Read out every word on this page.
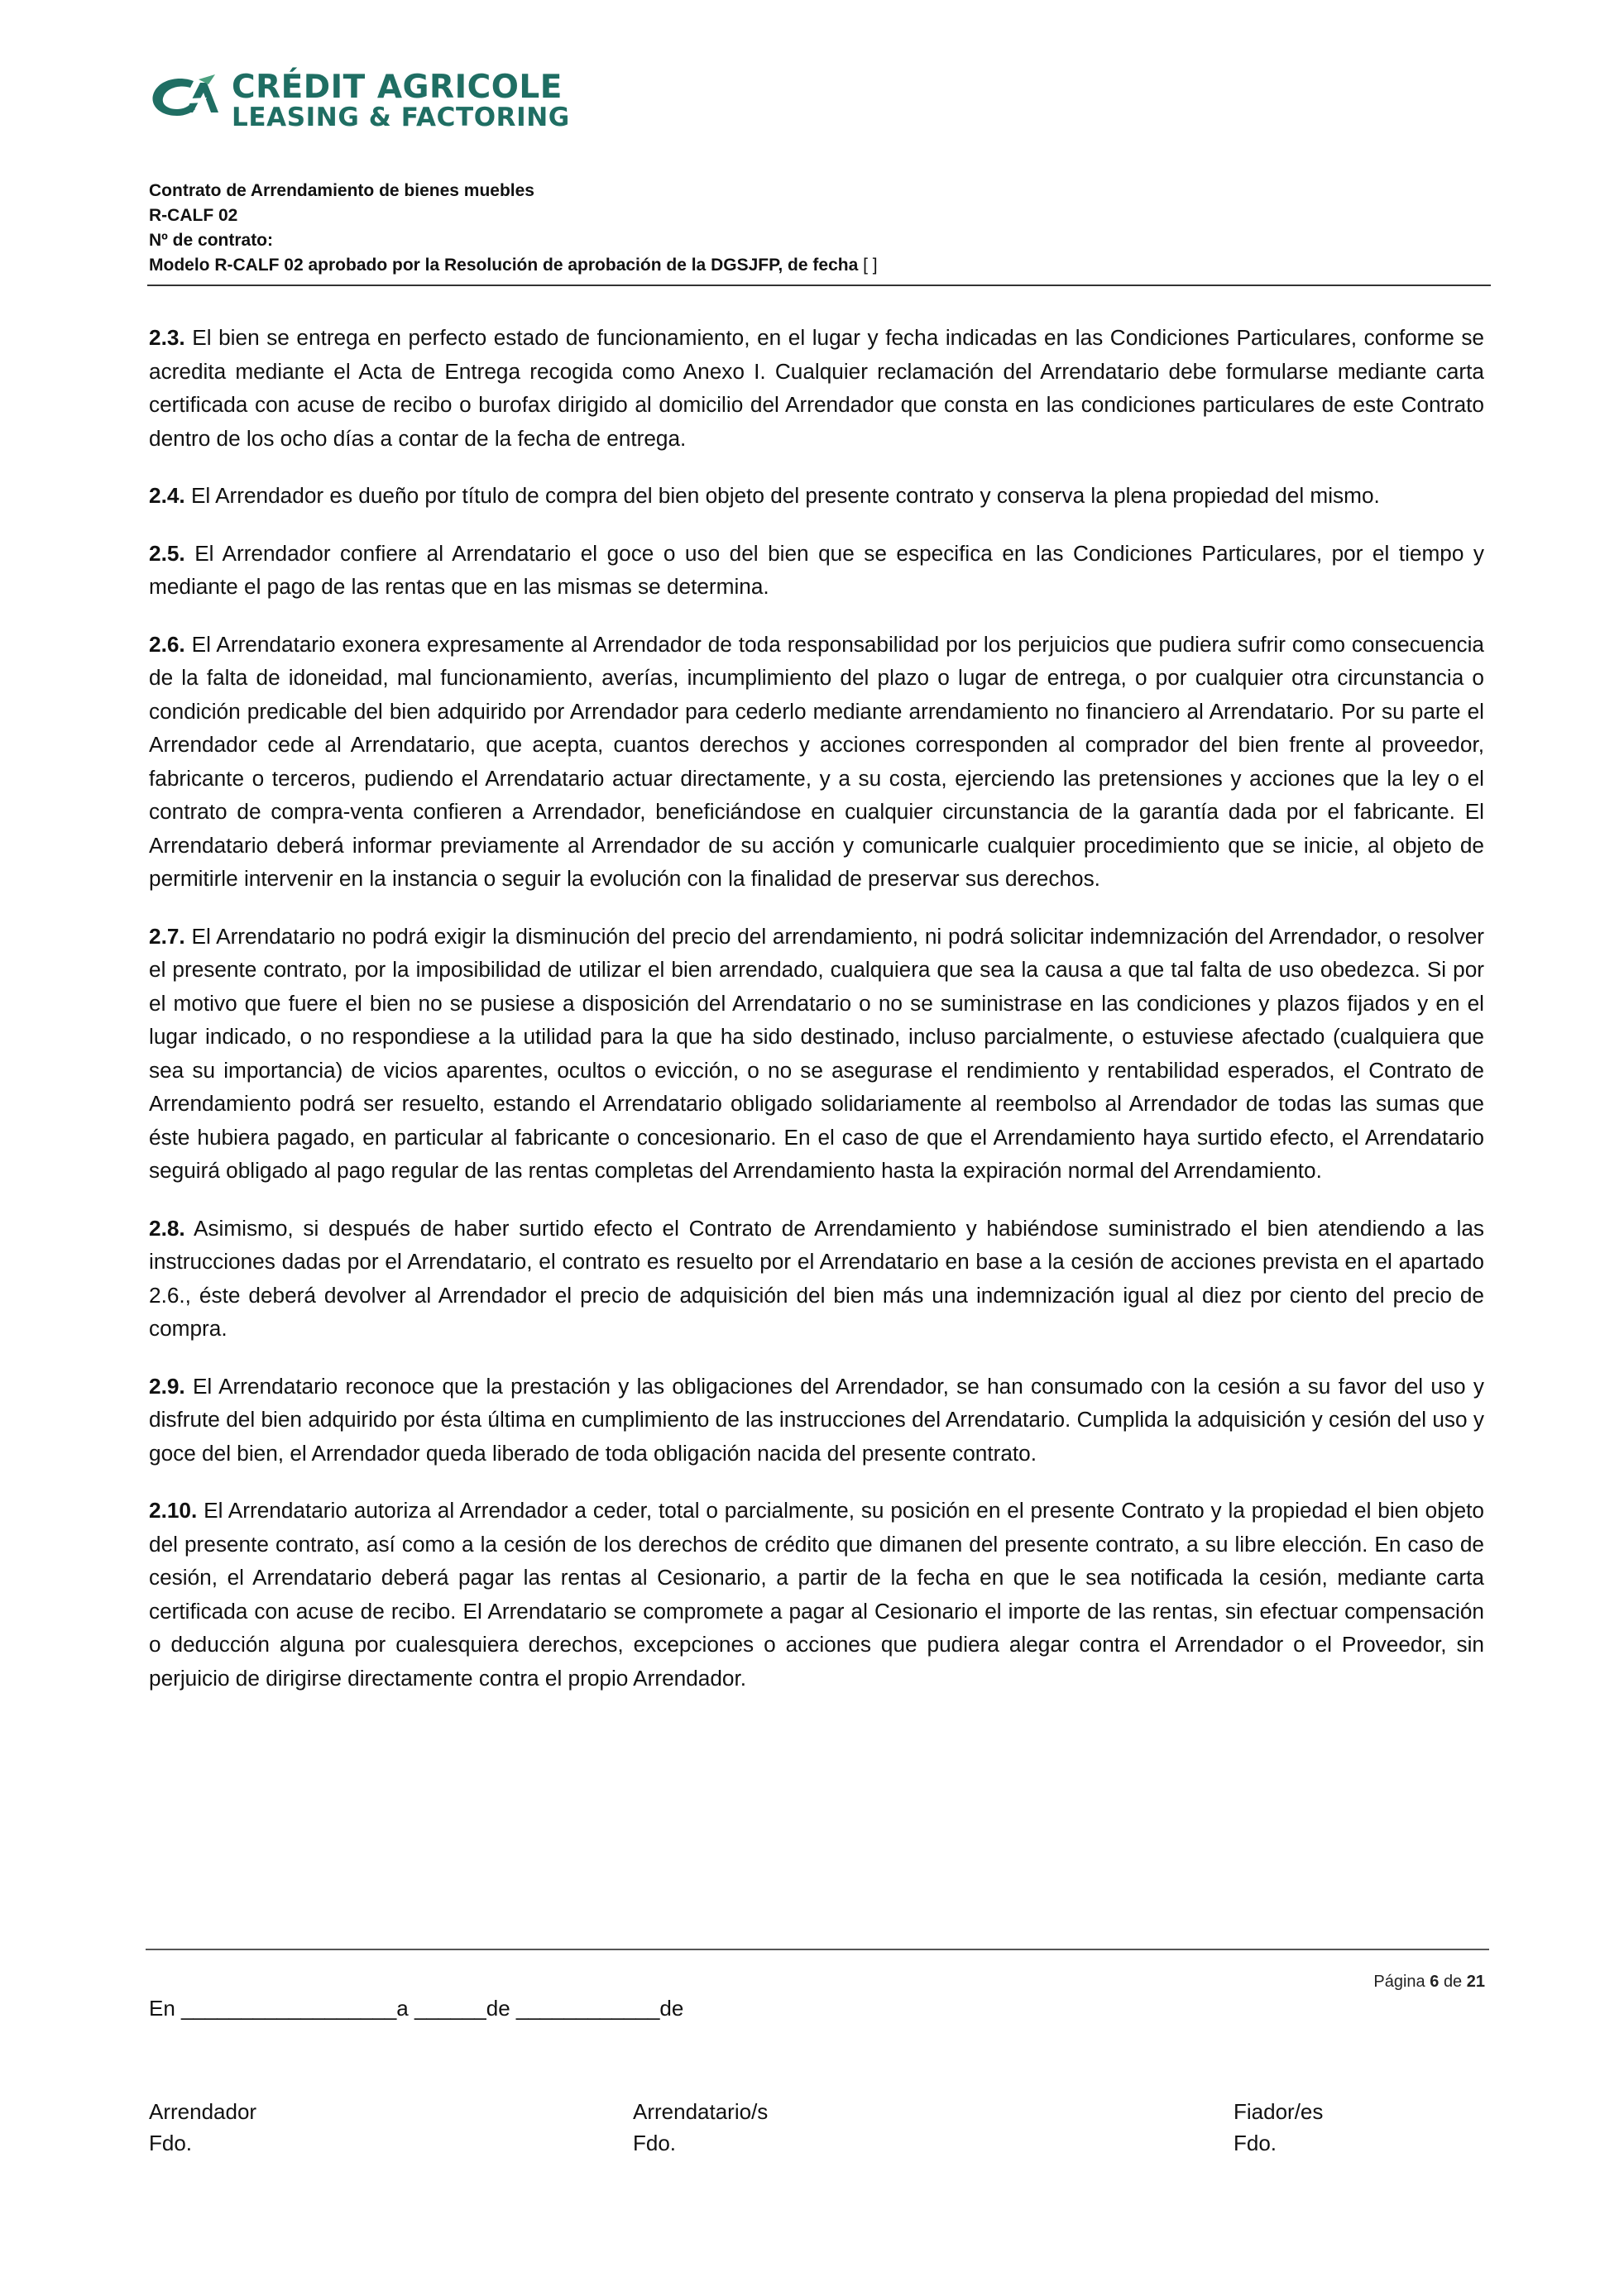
CRÉDIT AGRICOLE
LEASING & FACTORING
Contrato de Arrendamiento de bienes muebles
R-CALF 02
Nº de contrato:
Modelo R-CALF 02 aprobado por la Resolución de aprobación de la DGSJFP, de fecha [ ]

2.3. El bien se entrega en perfecto estado de funcionamiento, en el lugar y fecha indicadas en las Condiciones Particulares, conforme se acredita mediante el Acta de Entrega recogida como Anexo I. Cualquier reclamación del Arrendatario debe formularse mediante carta certificada con acuse de recibo o burofax dirigido al domicilio del Arrendador que consta en las condiciones particulares de este Contrato dentro de los ocho días a contar de la fecha de entrega.

2.4. El Arrendador es dueño por título de compra del bien objeto del presente contrato y conserva la plena propiedad del mismo.

2.5. El Arrendador confiere al Arrendatario el goce o uso del bien que se especifica en las Condiciones Particulares, por el tiempo y mediante el pago de las rentas que en las mismas se determina.

2.6. El Arrendatario exonera expresamente al Arrendador de toda responsabilidad por los perjuicios que pudiera sufrir como consecuencia de la falta de idoneidad, mal funcionamiento, averías, incumplimiento del plazo o lugar de entrega, o por cualquier otra circunstancia o condición predicable del bien adquirido por Arrendador para cederlo mediante arrendamiento no financiero al Arrendatario. Por su parte el Arrendador cede al Arrendatario, que acepta, cuantos derechos y acciones corresponden al comprador del bien frente al proveedor, fabricante o terceros, pudiendo el Arrendatario actuar directamente, y a su costa, ejerciendo las pretensiones y acciones que la ley o el contrato de compra-venta confieren a Arrendador, beneficiándose en cualquier circunstancia de la garantía dada por el fabricante. El Arrendatario deberá informar previamente al Arrendador de su acción y comunicarle cualquier procedimiento que se inicie, al objeto de permitirle intervenir en la instancia o seguir la evolución con la finalidad de preservar sus derechos.

2.7. El Arrendatario no podrá exigir la disminución del precio del arrendamiento, ni podrá solicitar indemnización del Arrendador, o resolver el presente contrato, por la imposibilidad de utilizar el bien arrendado, cualquiera que sea la causa a que tal falta de uso obedezca. Si por el motivo que fuere el bien no se pusiese a disposición del Arrendatario o no se suministrase en las condiciones y plazos fijados y en el lugar indicado, o no respondiese a la utilidad para la que ha sido destinado, incluso parcialmente, o estuviese afectado (cualquiera que sea su importancia) de vicios aparentes, ocultos o evicción, o no se asegurase el rendimiento y rentabilidad esperados, el Contrato de Arrendamiento podrá ser resuelto, estando el Arrendatario obligado solidariamente al reembolso al Arrendador de todas las sumas que éste hubiera pagado, en particular al fabricante o concesionario. En el caso de que el Arrendamiento haya surtido efecto, el Arrendatario seguirá obligado al pago regular de las rentas completas del Arrendamiento hasta la expiración normal del Arrendamiento.

2.8. Asimismo, si después de haber surtido efecto el Contrato de Arrendamiento y habiéndose suministrado el bien atendiendo a las instrucciones dadas por el Arrendatario, el contrato es resuelto por el Arrendatario en base a la cesión de acciones prevista en el apartado 2.6., éste deberá devolver al Arrendador el precio de adquisición del bien más una indemnización igual al diez por ciento del precio de compra.

2.9. El Arrendatario reconoce que la prestación y las obligaciones del Arrendador, se han consumado con la cesión a su favor del uso y disfrute del bien adquirido por ésta última en cumplimiento de las instrucciones del Arrendatario. Cumplida la adquisición y cesión del uso y goce del bien, el Arrendador queda liberado de toda obligación nacida del presente contrato.

2.10. El Arrendatario autoriza al Arrendador a ceder, total o parcialmente, su posición en el presente Contrato y la propiedad el bien objeto del presente contrato, así como a la cesión de los derechos de crédito que dimanen del presente contrato, a su libre elección. En caso de cesión, el Arrendatario deberá pagar las rentas al Cesionario, a partir de la fecha en que le sea notificada la cesión, mediante carta certificada con acuse de recibo. El Arrendatario se compromete a pagar al Cesionario el importe de las rentas, sin efectuar compensación o deducción alguna por cualesquiera derechos, excepciones o acciones que pudiera alegar contra el Arrendador o el Proveedor, sin perjuicio de dirigirse directamente contra el propio Arrendador.

Página 6 de 21
En __________________a ______de ____________de
Arrendador
Fdo.
Arrendatario/s
Fdo.
Fiador/es
Fdo.
